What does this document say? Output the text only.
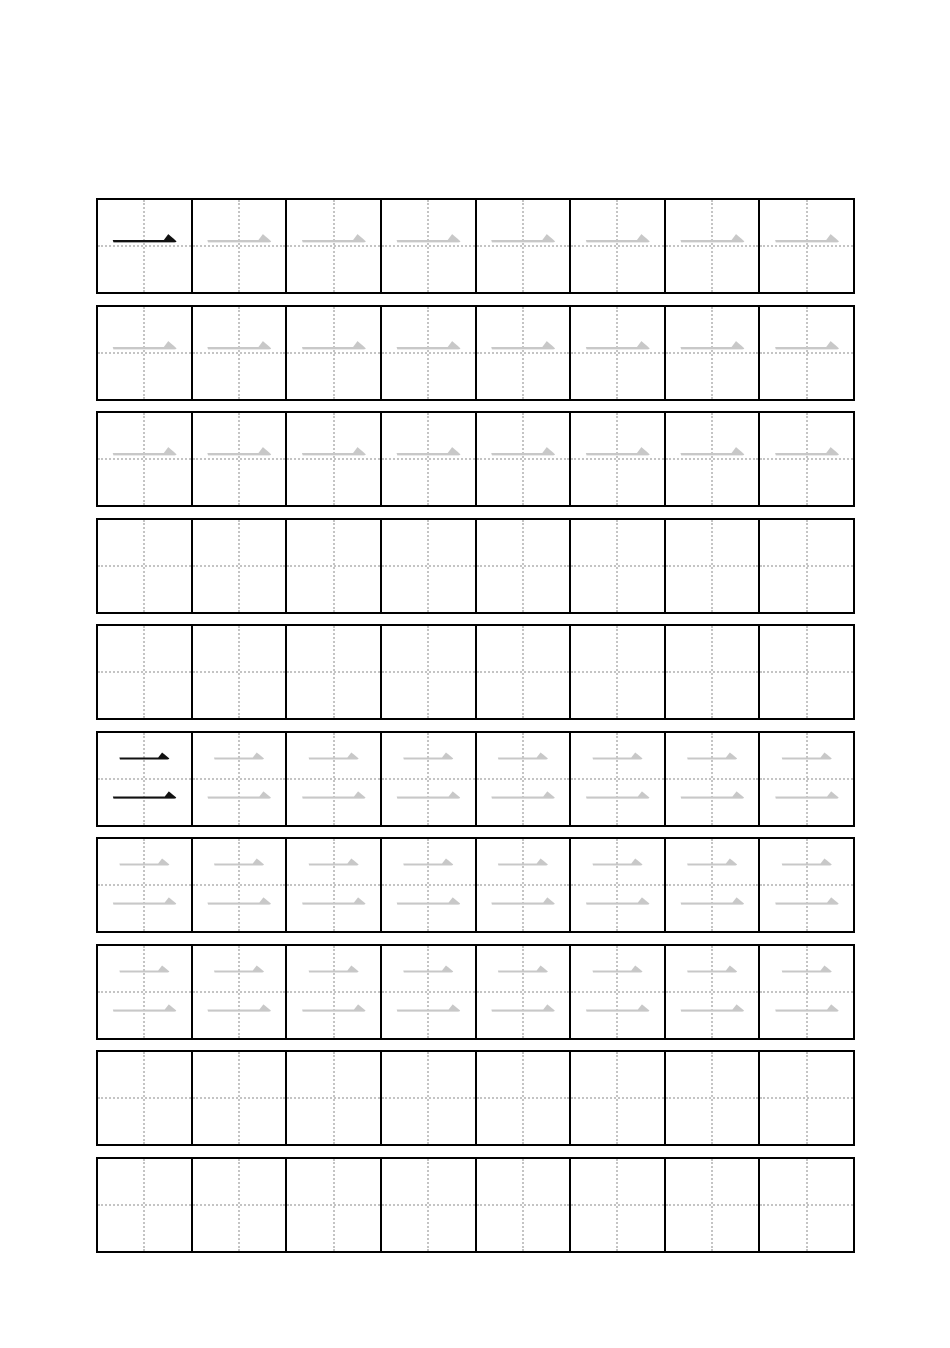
一 一 一 一 一 一 一 一
一 一 一 一 一 一 一 一
一 一 一 一 一 一 一 一
二 二 二 二 二 二 二 二
二 二 二 二 二 二 二 二
二 二 二 二 二 二 二 二
